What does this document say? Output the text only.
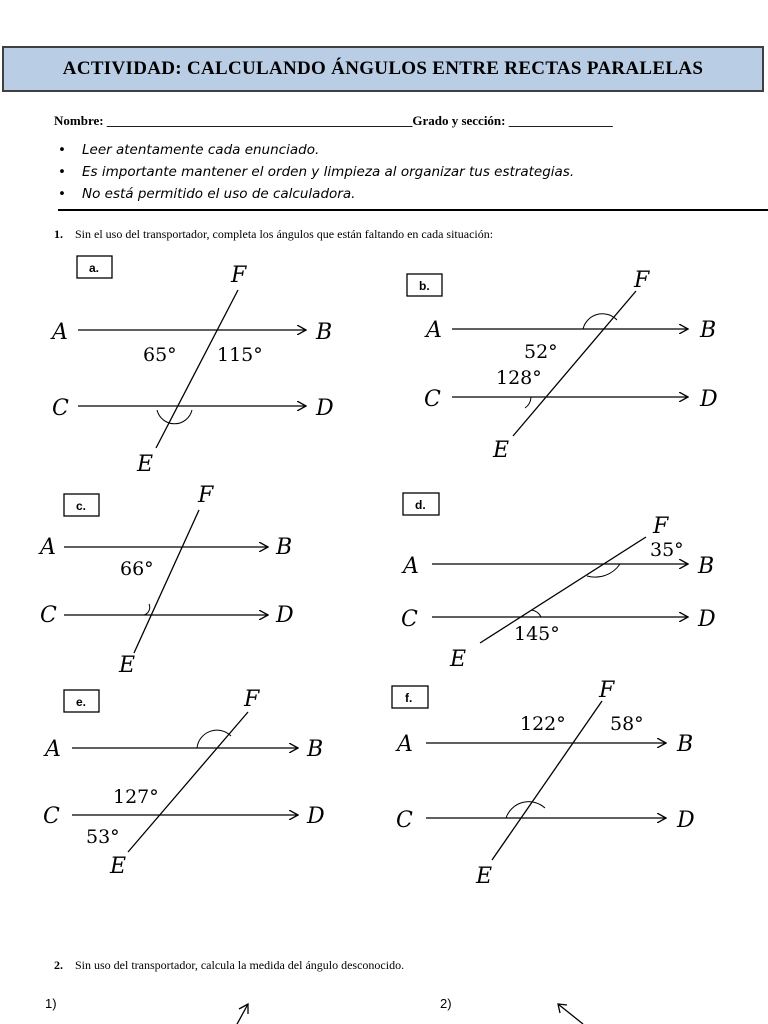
ACTIVIDAD: CALCULANDO ÁNGULOS ENTRE RECTAS PARALELAS
Nombre: _______________________________________________Grado y sección: ________________
• Leer atentamente cada enunciado.
• Es importante mantener el orden y limpieza al organizar tus estrategias.
• No está permitido el uso de calculadora.
1. Sin el uso del transportador, completa los ángulos que están faltando en cada situación:
a.
A	B
C	D
E
F
65° 115°
b.
A	B
C	D
E
F
52°
128°
c.
A	B
C	D
E
F
66°
d.
A	B
C	D
E
F
35°
145°
e.
A	B
C	D
E
F
127°
53°
f.
A	B
C	D
E
F
122° 58°
1)	2)
2. Sin uso del transportador, calcula la medida del ángulo desconocido.
